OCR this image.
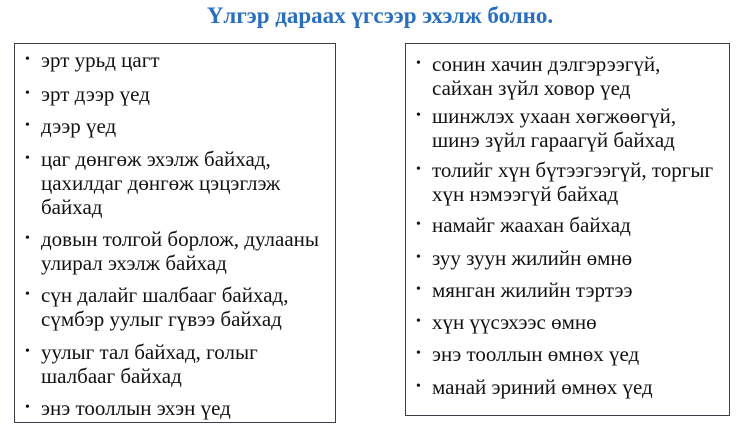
Үлгэр дараах үгсээр эхэлж болно.
• эрт урьд цагт
• эрт дээр үед
• дээр үед
• цаг дөнгөж эхэлж байхад,
цахилдаг дөнгөж цэцэглэж
байхад
• довын толгой борлож, дулааны
улирал эхэлж байхад
• сүн далайг шалбааг байхад,
сүмбэр уулыг гүвээ байхад
• уулыг тал байхад, голыг
шалбааг байхад
• энэ тооллын эхэн үед
• сонин хачин дэлгэрээгүй,
сайхан зүйл ховор үед
• шинжлэх ухаан хөгжөөгүй,
шинэ зүйл гараагүй байхад
• толийг хүн бүтээгээгүй, торгыг
хүн нэмээгүй байхад
• намайг жаахан байхад
• зуу зуун жилийн өмнө
• мянган жилийн тэртээ
• хүн үүсэхээс өмнө
• энэ тооллын өмнөх үед
• манай эриний өмнөх үед
